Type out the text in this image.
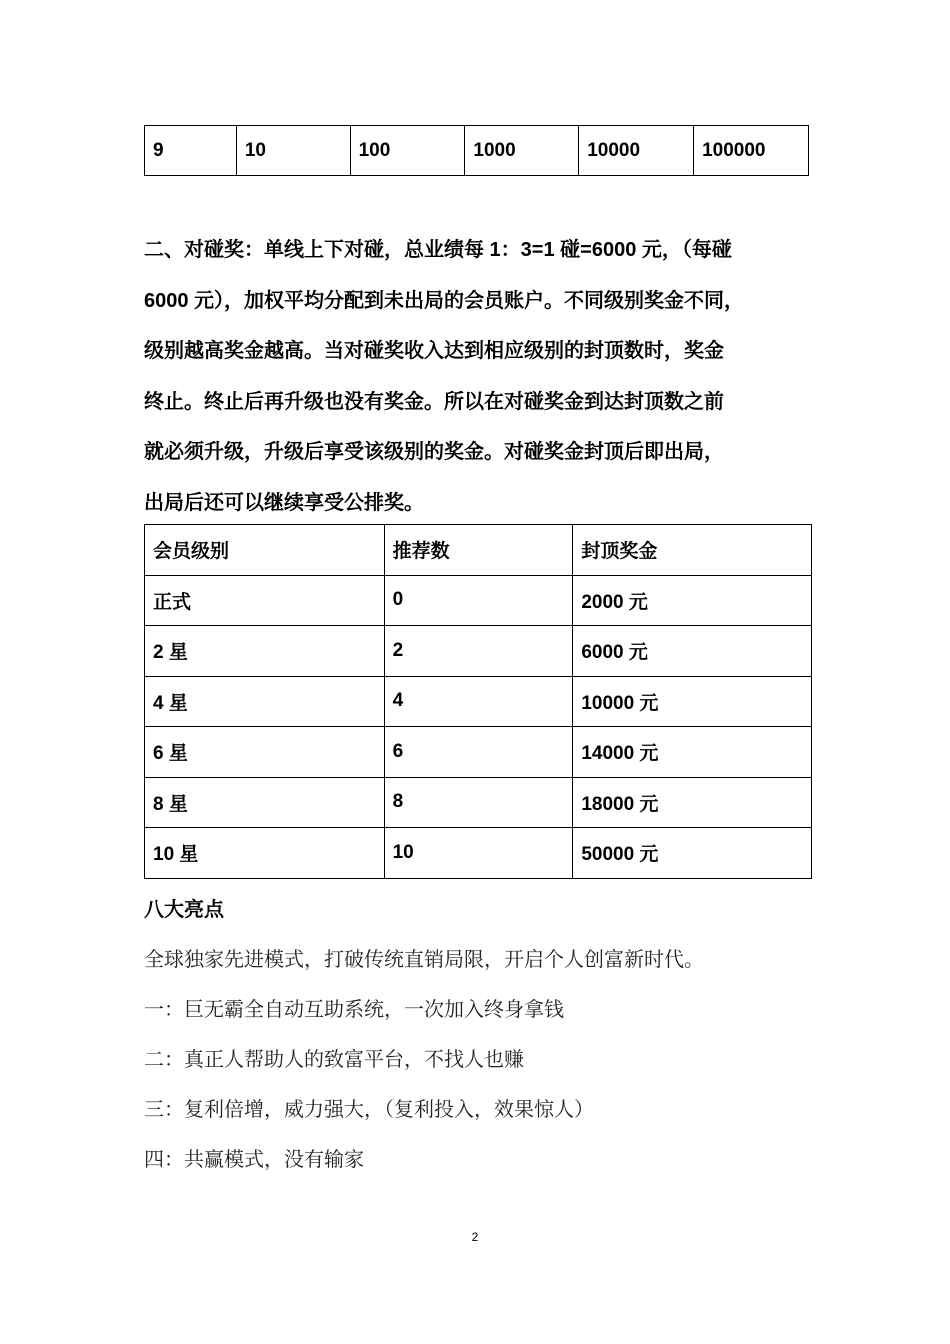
9	10	100	1000	10000	100000
二、对碰奖：单线上下对碰，总业绩每 1：3=1 碰=6000 元，（每碰
6000 元），加权平均分配到未出局的会员账户。不同级别奖金不同，
级别越高奖金越高。当对碰奖收入达到相应级别的封顶数时，奖金
终止。终止后再升级也没有奖金。所以在对碰奖金到达封顶数之前
就必须升级，升级后享受该级别的奖金。对碰奖金封顶后即出局，
出局后还可以继续享受公排奖。
会员级别	推荐数	封顶奖金
正式	0	2000 元
2 星	2	6000 元
4 星	4	10000 元
6 星	6	14000 元
8 星	8	18000 元
10 星	10	50000 元
八大亮点
全球独家先进模式，打破传统直销局限，开启个人创富新时代。
一：巨无霸全自动互助系统，一次加入终身拿钱
二：真正人帮助人的致富平台，不找人也赚
三：复利倍增，威力强大，（复利投入，效果惊人）
四：共赢模式，没有输家
2
